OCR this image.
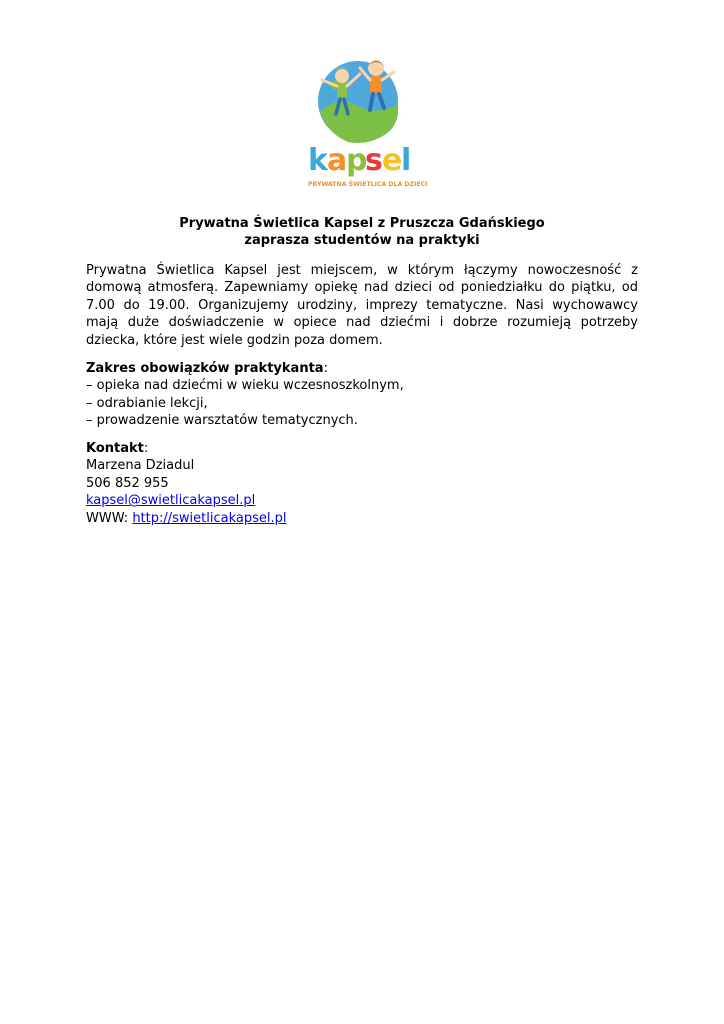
k a
p
s e
l
PRYWATNA ŚWIETLICA DLA DZIECI
Prywatna Świetlica Kapsel z Pruszcza Gdańskiego
zaprasza studentów na praktyki

Prywatna Świetlica Kapsel jest miejscem, w którym łączymy nowoczesność z domową atmosferą. Zapewniamy opiekę nad dzieci od poniedziałku do piątku, od 7.00 do 19.00. Organizujemy urodziny, imprezy tematyczne. Nasi wychowawcy mają duże doświadczenie w opiece nad dziećmi i dobrze rozumieją potrzeby dziecka, które jest wiele godzin poza domem.

Zakres obowiązków praktykanta:
– opieka nad dziećmi w wieku wczesnoszkolnym,
– odrabianie lekcji,
– prowadzenie warsztatów tematycznych.
Kontakt:
Marzena Dziadul
506 852 955
kapsel@swietlicakapsel.pl
WWW: http://swietlicakapsel.pl
